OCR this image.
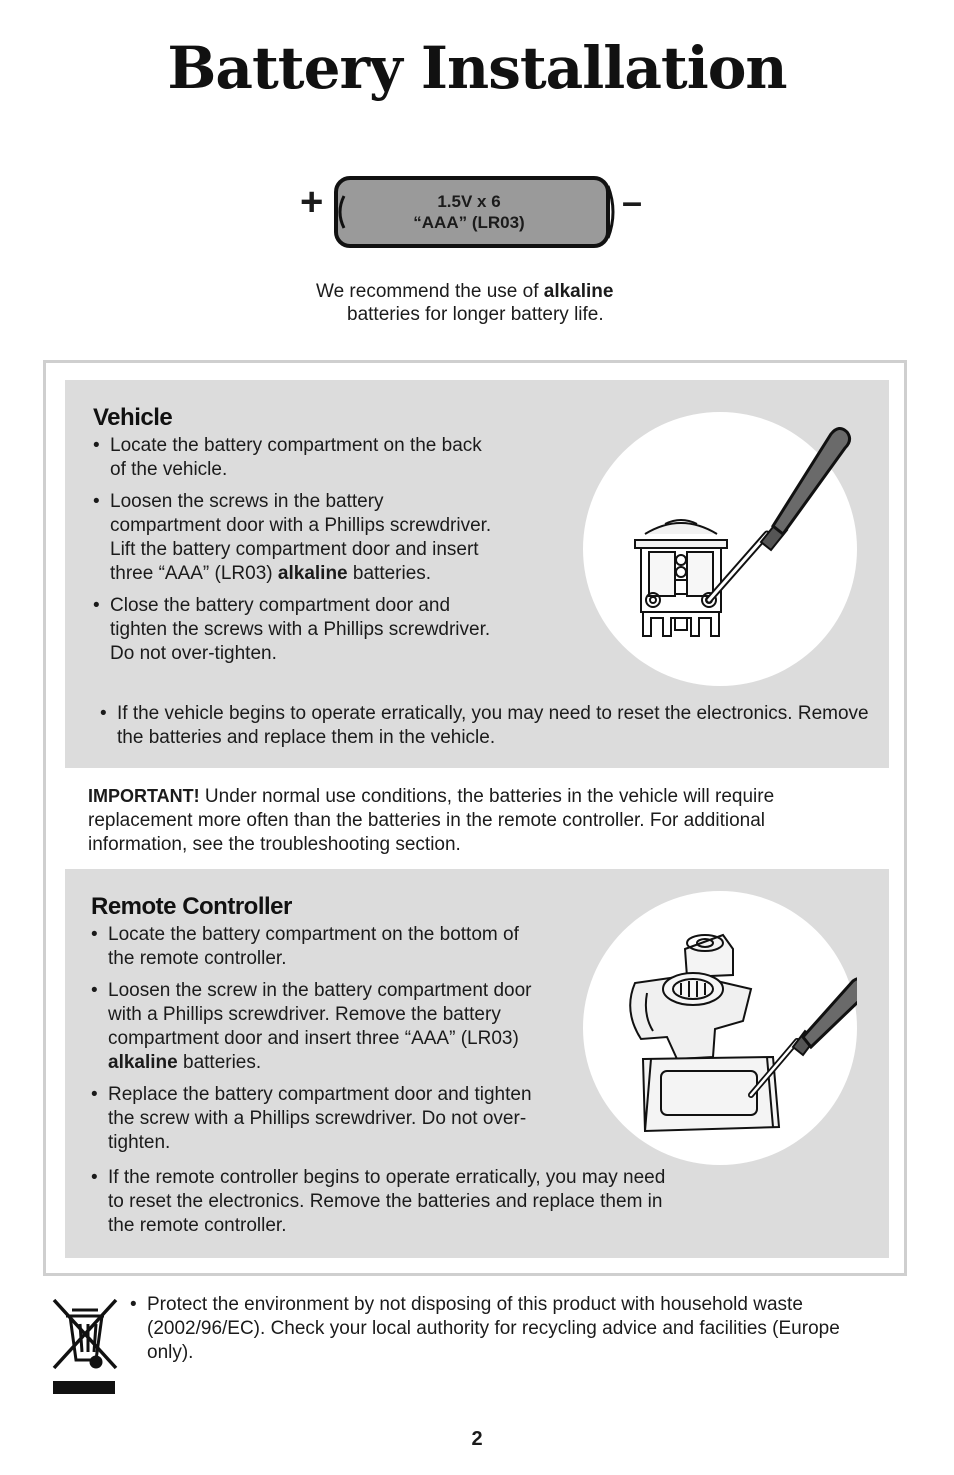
Battery Installation
+	–
1.5V x 6
“AAA” (LR03)
We recommend the use of alkaline
batteries for longer battery life.
Vehicle
• Locate the battery compartment on the back of the vehicle.
• Loosen the screws in the battery compartment door with a Phillips screwdriver. Lift the battery compartment door and insert three “AAA” (LR03) alkaline batteries.
• Close the battery compartment door and tighten the screws with a Phillips screwdriver. Do not over-tighten.
• If the vehicle begins to operate erratically, you may need to reset the electronics. Remove the batteries and replace them in the vehicle.
IMPORTANT! Under normal use conditions, the batteries in the vehicle will require replacement more often than the batteries in the remote controller. For additional information, see the troubleshooting section.
Remote Controller
• Locate the battery compartment on the bottom of the remote controller.
• Loosen the screw in the battery compartment door with a Phillips screwdriver. Remove the battery compartment door and insert three “AAA” (LR03) alkaline batteries.
• Replace the battery compartment door and tighten the screw with a Phillips screwdriver. Do not over-tighten.
• If the remote controller begins to operate erratically, you may need to reset the electronics. Remove the batteries and replace them in the remote controller.
• Protect the environment by not disposing of this product with household waste (2002/96/EC). Check your local authority for recycling advice and facilities (Europe only).
2
